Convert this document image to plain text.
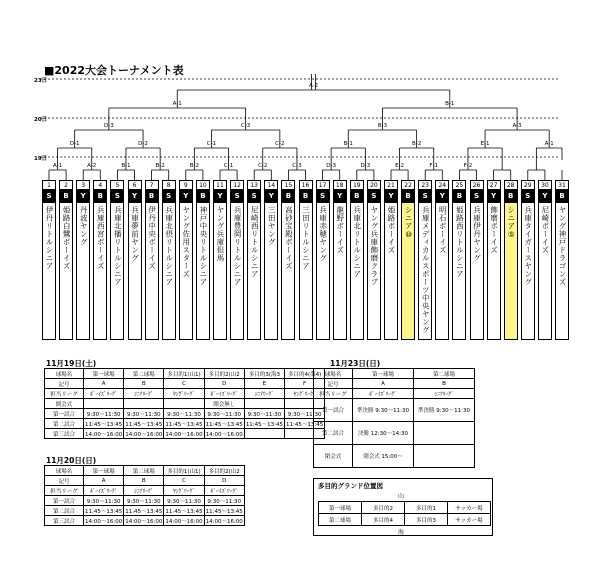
■2022大会トーナメント表
A-1	A-2	B-1	B-2	B-2	C-1	C-2	C-3	D-3	D-3	E-2	F-1	F-2
D-1	D-2	C-1	C-2	B-1	B-2	E-1	A-1
D-3	C-3	B-3	A-3
A-1	B-1
A-2
23日
20日
19日
1
S
伊丹リトルシニア
2
B
姫路白鷺ボーイズ
3
Y
丹波ヤング
4
B
兵庫西宮ボーイズ
5
S
兵庫北播リトルシニア
6
Y
兵庫夢前ヤング
7
B
伊丹中央ボーイズ
8
S
兵庫北摂リトルシニア
9
Y
ヤング佐用スターズ
10
B
神戸中央リトルシニア
11
Y
ヤング兵庫但馬
12
S
兵庫豊岡リトルシニア
13
S
尼崎西リトルシニア
14
Y
三田ヤング
15
B
高砂宝殿ボーイズ
16
B
三田リトルシニア
17
S
兵庫赤穂ヤング
18
Y
龍野ボーイズ
19
B
兵庫北リトルシニア
20
S
ヤング兵庫飾磨クラブ
21
Y
姫路ボーイズ
22
B
シニア⑩
23
S
兵庫メディカルスポーツ中央ヤング
24
Y
明石ボーイズ
25
B
姫路西リトルシニア
26
S
兵庫伊丹ヤング
27
Y
飾磨ボーイズ
28
B
シニア⑤
29
S
兵庫タイガースヤング
30
Y
尼崎ボーイズ
31
B
ヤング神戸ドラゴンズ
11月19日(土)
球場名	第一球場	第二球場	多目的1(山1)	多目的2(山2	多目的3(海3	多目的4(海4)
記号	A	B	C	D	E	F
担当リーグ	ﾎﾞｰｲｽﾞﾘｰｸﾞ	ｼﾆｱﾘｰｸﾞ	ﾔﾝｸﾞﾘｰｸﾞ	ﾎﾞｰｲｽﾞﾘｰｸﾞ	ｼﾆｱﾘｰｸﾞ	ﾔﾝｸﾞﾘｰｸﾞ
開会式				開会無し		
第一試合	9:30〜11:30	9:30〜11:30	9:30〜11:30	9:30〜11:30	9:30〜11:30	9:30〜11:30
第二試合	11:45〜13:45	11:45〜13:45	11:45〜13:45	11:45〜13:45	11:45〜13:45	11:45〜13:45
第三試合	14:00〜16:00	14:00〜16:00	14:00〜16:00	14:00〜16:00		
11月20日(日)
球場名	第一球場	第二球場	多目的1(山1)	多目的2(山2
記号	A	B	C	D
担当リーグ	ﾎﾞｰｲｽﾞﾘｰｸﾞ	ｼﾆｱﾘｰｸﾞ	ﾔﾝｸﾞﾘｰｸﾞ	ﾎﾞｰｲｽﾞﾘｰｸﾞ
第一試合	9:30〜11:30	9:30〜11:30	9:30〜11:30	9:30〜11:30
第二試合	11:45〜13:45	11:45〜13:45	11:45〜13:45	11:45〜13:45
第三試合	14:00〜16:00	14:00〜16:00	14:00〜16:00	14:00〜16:00
11月23日(日)
球場名	第一球場	第二球場
記号	A	B
担当リーグ	ﾎﾞｰｲｽﾞﾘｰｸﾞ	ｼﾆｱﾘｰｸﾞ
第一試合	準決勝 9:30〜11:30	準決勝 9:30〜11:30
第二試合	決勝 12:30〜14:30	
閉会式	閉会式 15:00〜	
多目的グランド位置図
山
第一球場	多目的2	多目的1	サッカー場
第二球場	多目的4	多目的3	サッカー場
海
